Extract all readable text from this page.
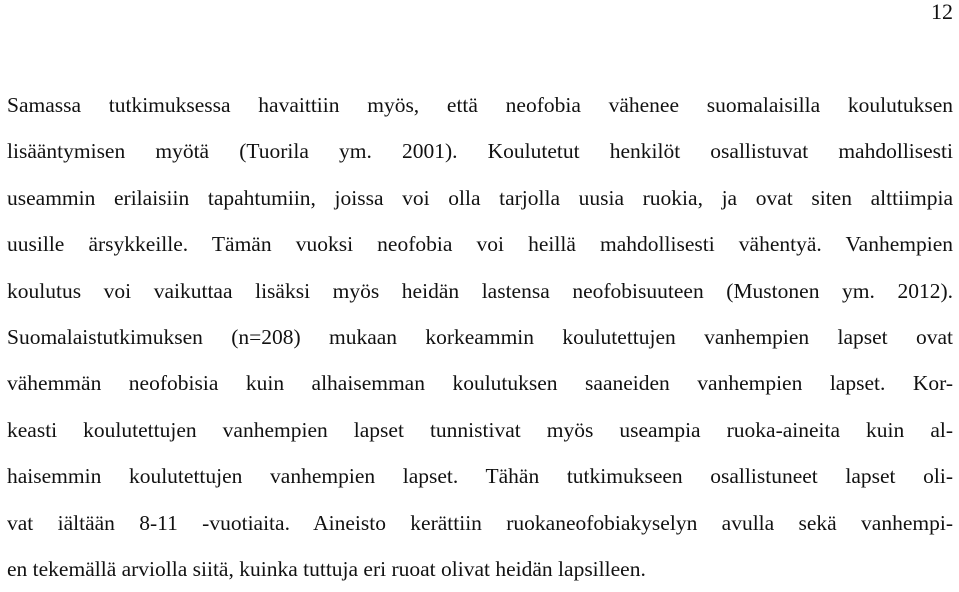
12
Samassa tutkimuksessa havaittiin myös, että neofobia vähenee suomalaisilla koulutuksen
lisääntymisen myötä (Tuorila ym. 2001). Koulutetut henkilöt osallistuvat mahdollisesti
useammin erilaisiin tapahtumiin, joissa voi olla tarjolla uusia ruokia, ja ovat siten alttiimpia
uusille ärsykkeille. Tämän vuoksi neofobia voi heillä mahdollisesti vähentyä. Vanhempien
koulutus voi vaikuttaa lisäksi myös heidän lastensa neofobisuuteen (Mustonen ym. 2012).
Suomalaistutkimuksen (n=208) mukaan korkeammin koulutettujen vanhempien lapset ovat
vähemmän neofobisia kuin alhaisemman koulutuksen saaneiden vanhempien lapset. Kor-
keasti koulutettujen vanhempien lapset tunnistivat myös useampia ruoka-aineita kuin al-
haisemmin koulutettujen vanhempien lapset. Tähän tutkimukseen osallistuneet lapset oli-
vat iältään 8-11 -vuotiaita. Aineisto kerättiin ruokaneofobiakyselyn avulla sekä vanhempi-
en tekemällä arviolla siitä, kuinka tuttuja eri ruoat olivat heidän lapsilleen.
